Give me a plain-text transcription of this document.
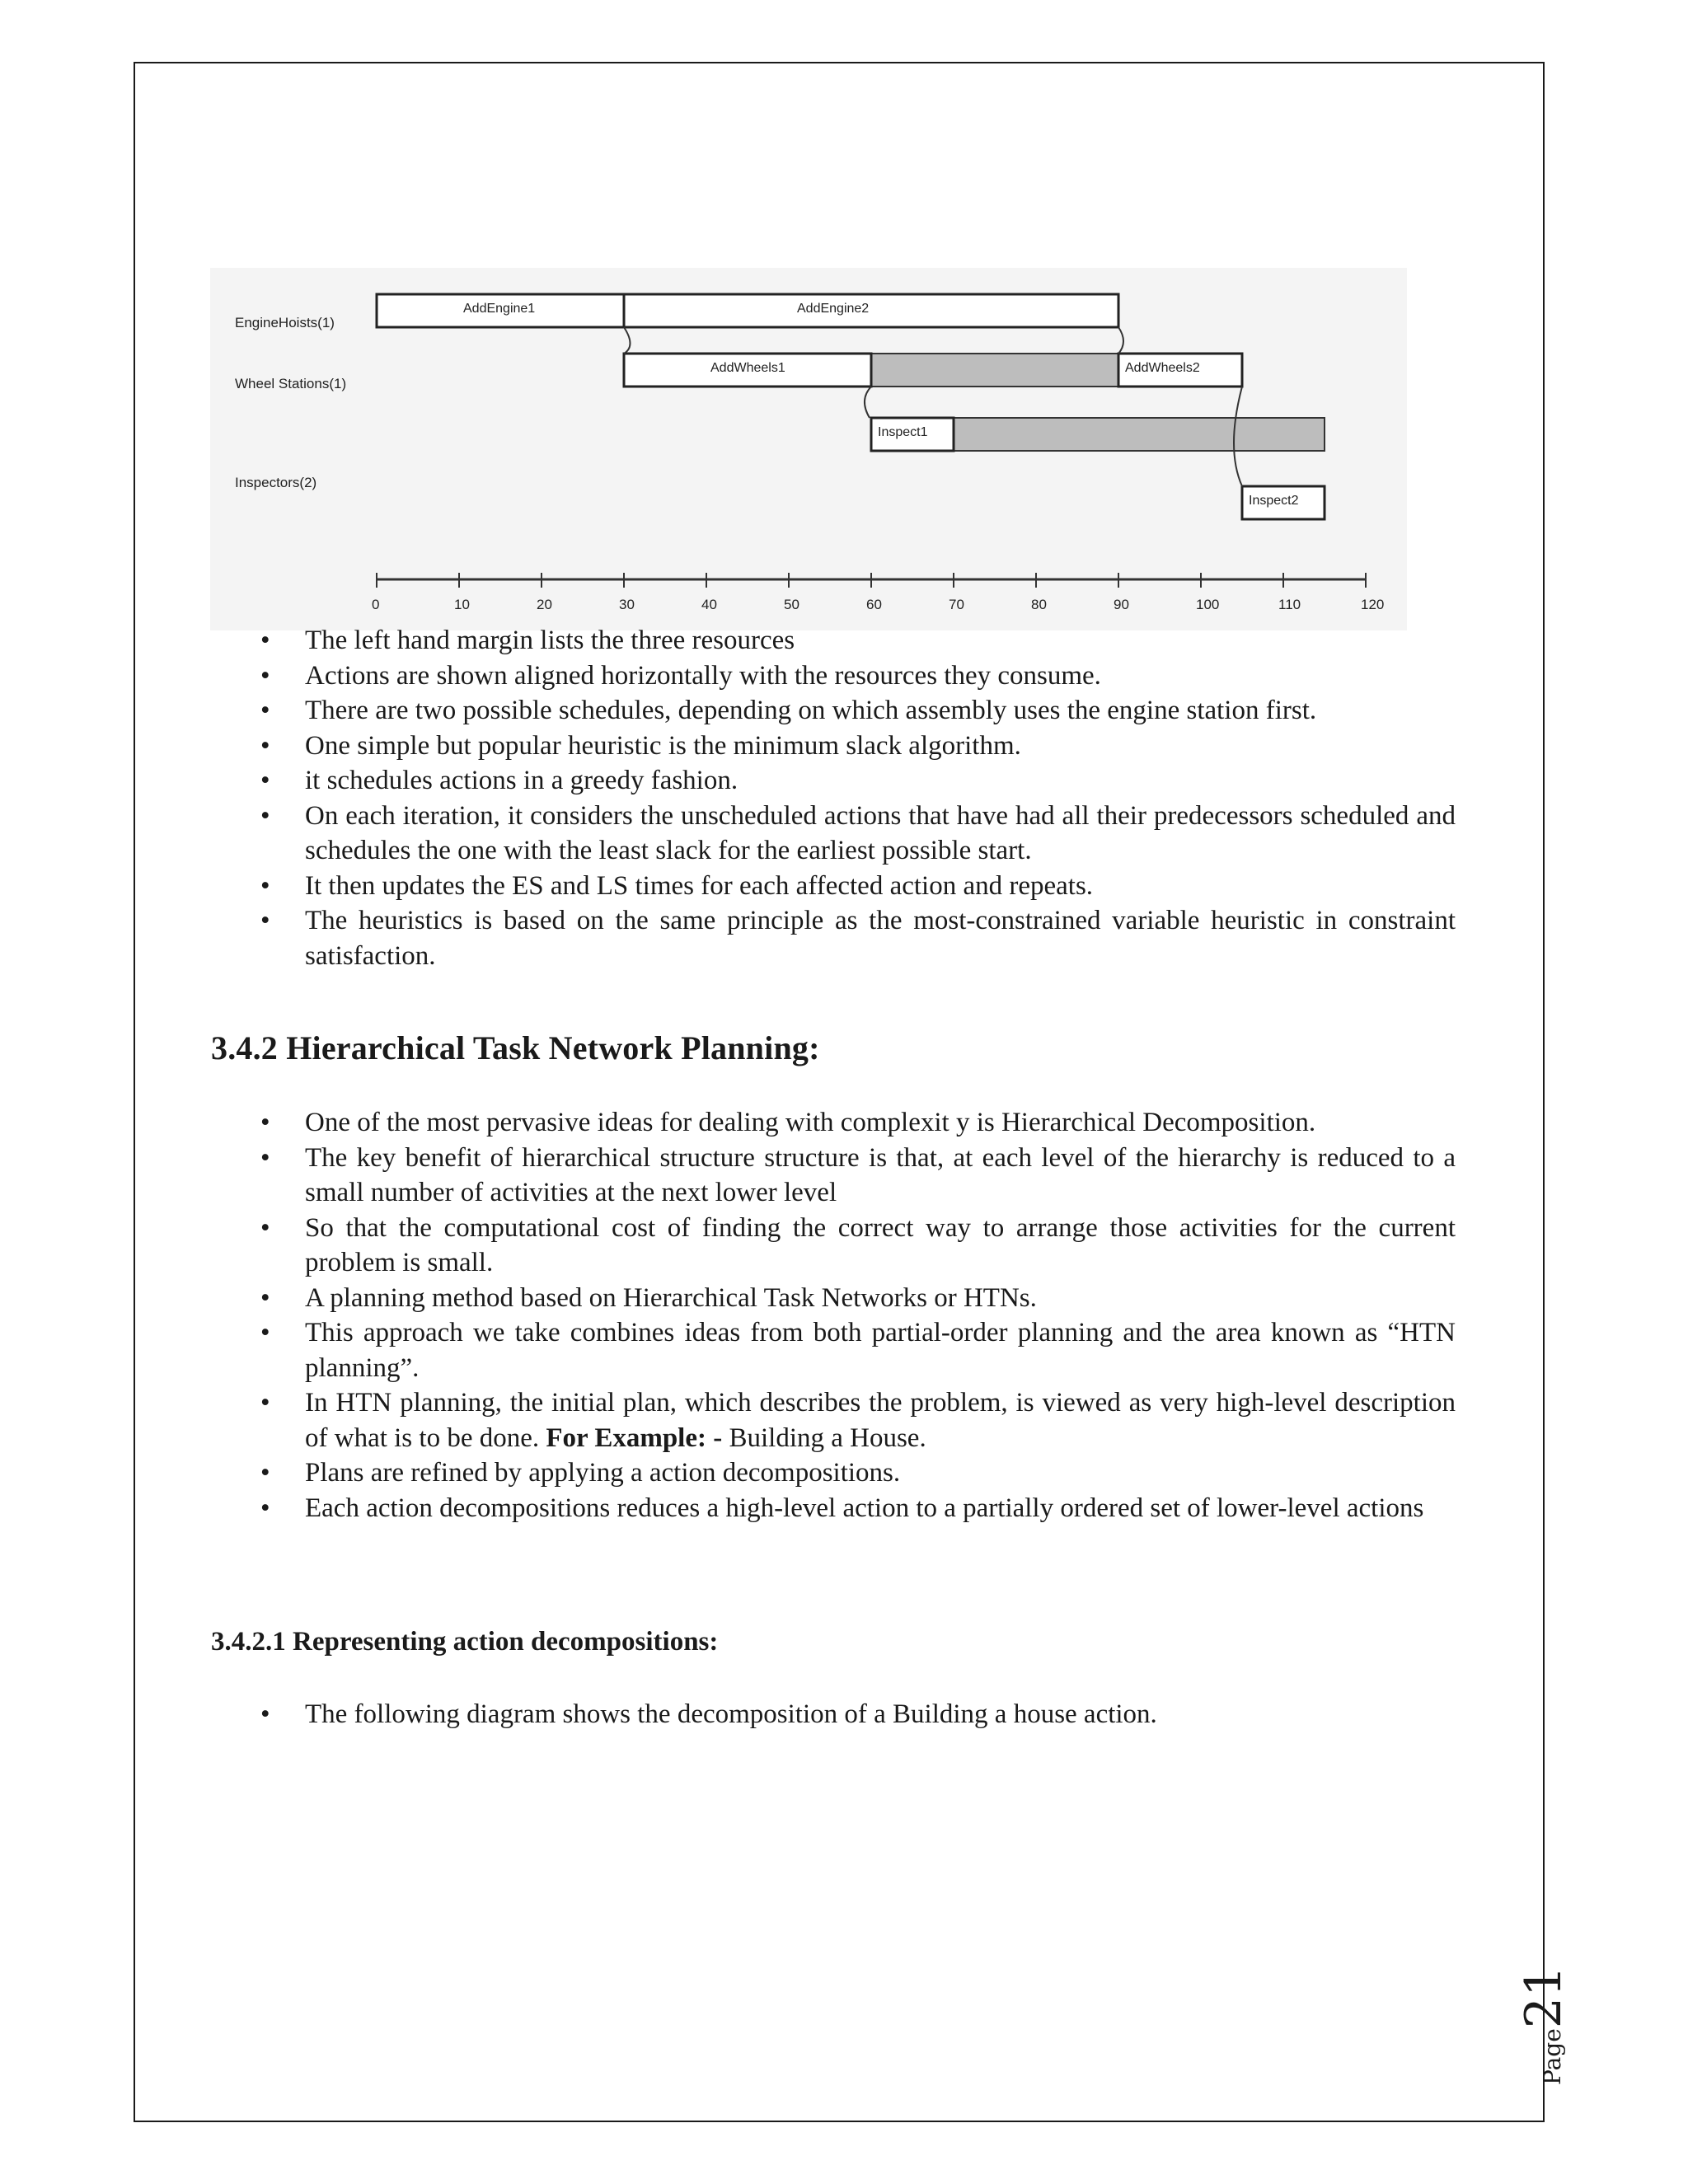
EngineHoists(1)
Wheel Stations(1)
Inspectors(2)
AddEngine1	AddEngine2
AddWheels1	AddWheels2
Inspect1
Inspect2
0	10	20	30	40	50	60	70	80	90	100	110	120
• The left hand margin lists the three resources
• Actions are shown aligned horizontally with the resources they consume.
• There are two possible schedules, depending on which assembly uses the engine station first.
• One simple but popular heuristic is the minimum slack algorithm.
• it schedules actions in a greedy fashion.
• On each iteration, it considers the unscheduled actions that have had all their predecessors scheduled and schedules the one with the least slack for the earliest possible start.
• It then updates the ES and LS times for each affected action and repeats.
• The heuristics is based on the same principle as the most-constrained variable heuristic in constraint satisfaction.
3.4.2 Hierarchical Task Network Planning:
• One of the most pervasive ideas for dealing with complexit y is Hierarchical Decomposition.
• The key benefit of hierarchical structure structure is that, at each level of the hierarchy is reduced to a small number of activities at the next lower level
• So that the computational cost of finding the correct way to arrange those activities for the current problem is small.
• A planning method based on Hierarchical Task Networks or HTNs.
• This approach we take combines ideas from both partial-order planning and the area known as “HTN planning”.
• In HTN planning, the initial plan, which describes the problem, is viewed as very high-level description of what is to be done. For Example: - Building a House.
• Plans are refined by applying a action decompositions.
• Each action decompositions reduces a high-level action to a partially ordered set of lower-level actions
3.4.2.1 Representing action decompositions:
• The following diagram shows the decomposition of a Building a house action.
Page21
